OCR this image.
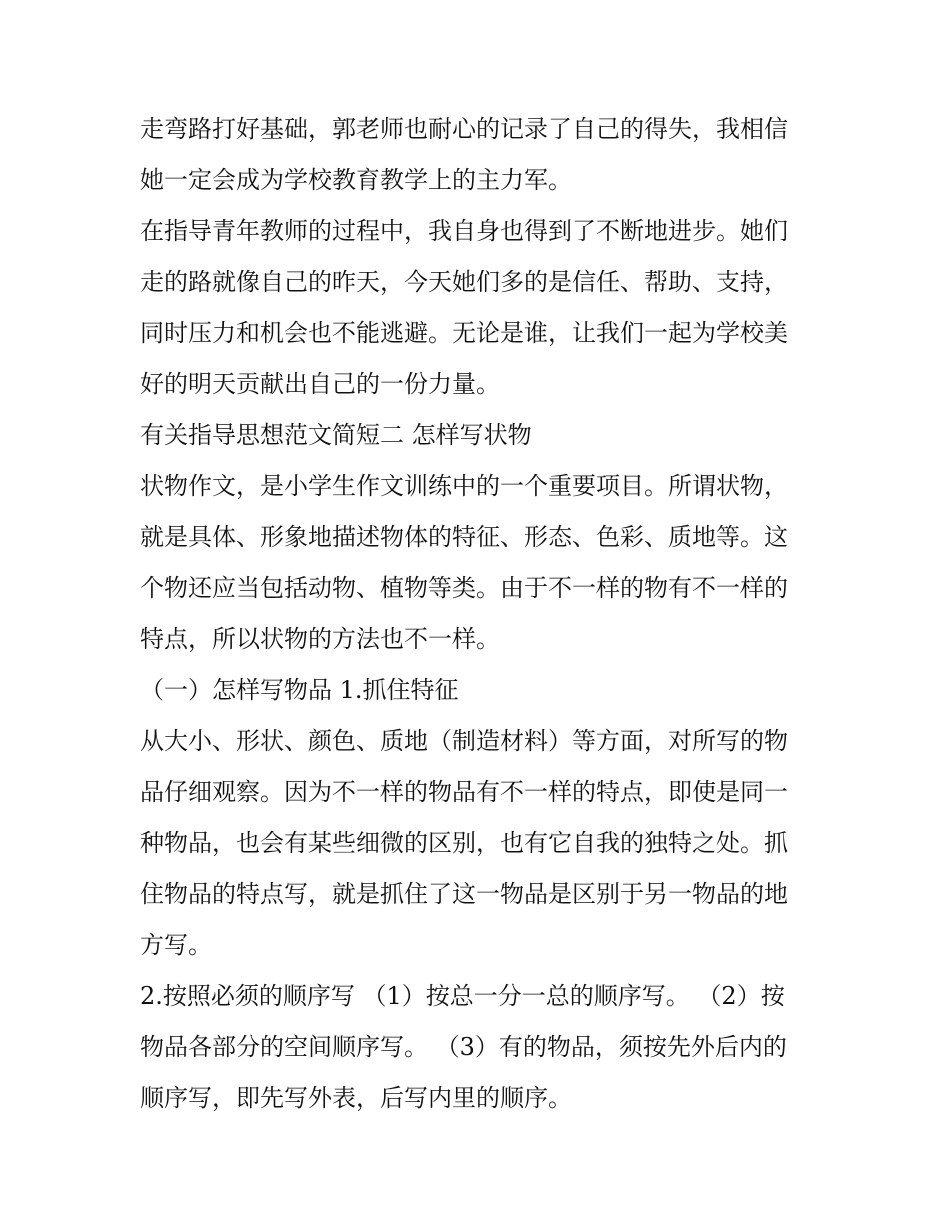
走弯路打好基础，郭老师也耐心的记录了自己的得失，我相信
她一定会成为学校教育教学上的主力军。
在指导青年教师的过程中，我自身也得到了不断地进步。她们
走的路就像自己的昨天，今天她们多的是信任、帮助、支持，
同时压力和机会也不能逃避。无论是谁，让我们一起为学校美
好的明天贡献出自己的一份力量。
有关指导思想范文简短二 怎样写状物
状物作文，是小学生作文训练中的一个重要项目。所谓状物，
就是具体、形象地描述物体的特征、形态、色彩、质地等。这
个物还应当包括动物、植物等类。由于不一样的物有不一样的
特点，所以状物的方法也不一样。
（一）怎样写物品 1.抓住特征
从大小、形状、颜色、质地（制造材料）等方面，对所写的物
品仔细观察。因为不一样的物品有不一样的特点，即使是同一
种物品，也会有某些细微的区别，也有它自我的独特之处。抓
住物品的特点写，就是抓住了这一物品是区别于另一物品的地
方写。
2.按照必须的顺序写 （1）按总一分一总的顺序写。 （2）按
物品各部分的空间顺序写。 （3）有的物品，须按先外后内的
顺序写，即先写外表，后写内里的顺序。
